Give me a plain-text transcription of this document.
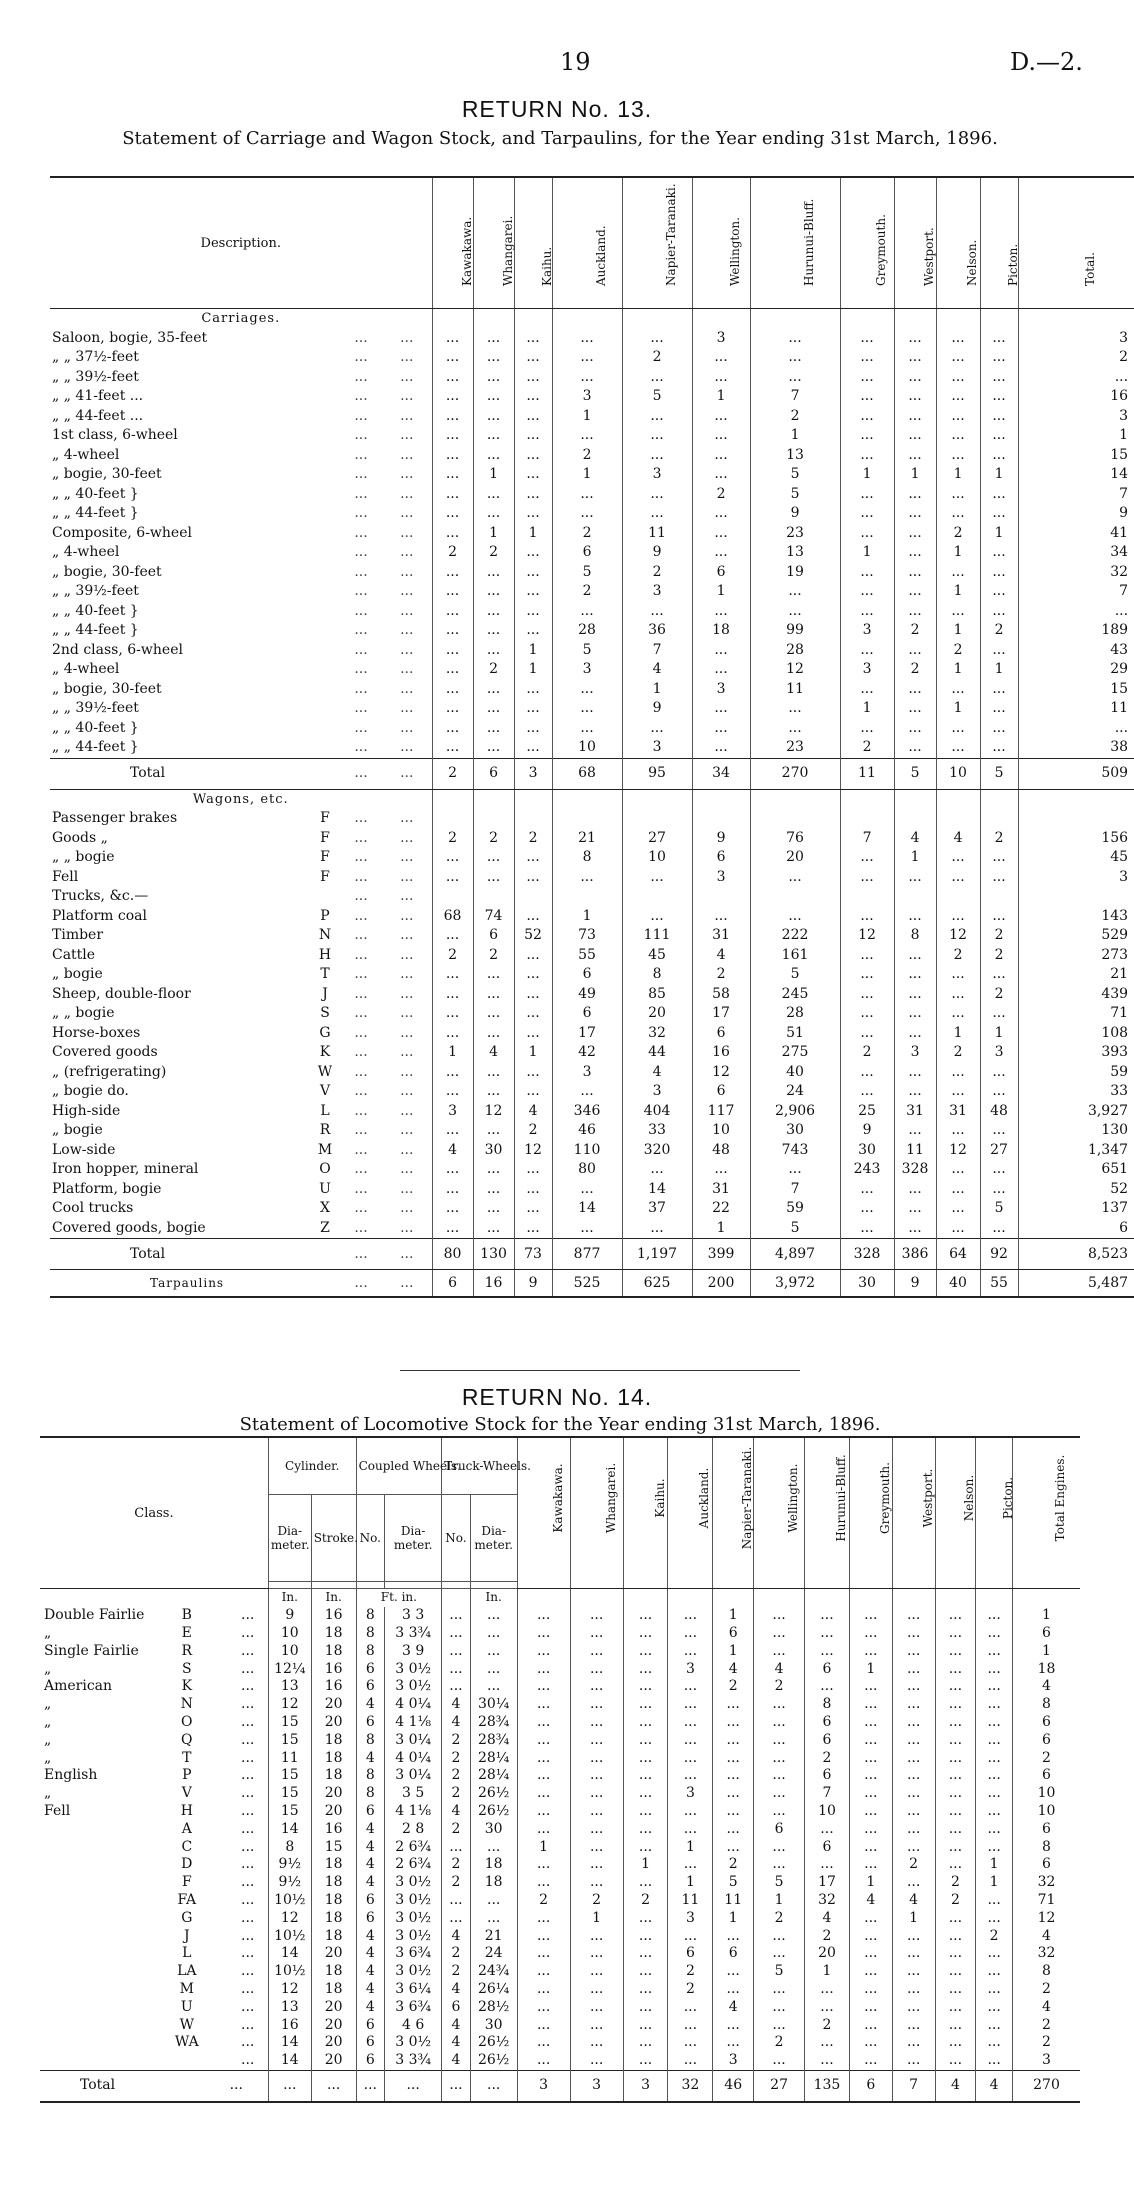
19	D.—2.
RETURN No. 13.
Statement of Carriage and Wagon Stock, and Tarpaulins, for the Year ending 31st March, 1896.
Description.				Kawakawa.	Whangarei.	Kaihu.	Auckland.	Napier-Taranaki.	Wellington.	Hurunui-Bluff.	Greymouth.	Westport.	Nelson.	Picton.	Total.

Carriages.															
Saloon, bogie, 35-feet		...	...	...	...	...	...	...	3	...	...	...	...	...	3
„ „ 37½-feet		...	...	...	...	...	...	2	...	...	...	...	...	...	2
„ „ 39½-feet		...	...	...	...	...	...	...	...	...	...	...	...	...	...
„ „ 41-feet ...		...	...	...	...	...	3	5	1	7	...	...	...	...	16
„ „ 44-feet ...		...	...	...	...	...	1	...	...	2	...	...	...	...	3
1st class, 6-wheel		...	...	...	...	...	...	...	...	1	...	...	...	...	1
„ 4-wheel		...	...	...	...	...	2	...	...	13	...	...	...	...	15
„ bogie, 30-feet		...	...	...	1	...	1	3	...	5	1	1	1	1	14
„ „ 40-feet }		...	...	...	...	...	...	...	2	5	...	...	...	...	7
„ „ 44-feet }		...	...	...	...	...	...	...	...	9	...	...	...	...	9
Composite, 6-wheel		...	...	...	1	1	2	11	...	23	...	...	2	1	41
„ 4-wheel		...	...	2	2	...	6	9	...	13	1	...	1	...	34
„ bogie, 30-feet		...	...	...	...	...	5	2	6	19	...	...	...	...	32
„ „ 39½-feet		...	...	...	...	...	2	3	1	...	...	...	1	...	7
„ „ 40-feet }		...	...	...	...	...	...	...	...	...	...	...	...	...	...
„ „ 44-feet }		...	...	...	...	...	28	36	18	99	3	2	1	2	189
2nd class, 6-wheel		...	...	...	...	1	5	7	...	28	...	...	2	...	43
„ 4-wheel		...	...	...	2	1	3	4	...	12	3	2	1	1	29
„ bogie, 30-feet		...	...	...	...	...	...	1	3	11	...	...	...	...	15
„ „ 39½-feet		...	...	...	...	...	...	9	...	...	1	...	1	...	11
„ „ 40-feet }		...	...	...	...	...	...	...	...	...	...	...	...	...	...
„ „ 44-feet }		...	...	...	...	...	10	3	...	23	2	...	...	...	38
Total		...	...	2	6	3	68	95	34	270	11	5	10	5	509
Wagons, etc.															
Passenger brakes	F	...	...												
Goods „	F	...	...	2	2	2	21	27	9	76	7	4	4	2	156
„ „ bogie	F	...	...	...	...	...	8	10	6	20	...	1	...	...	45
Fell	F	...	...	...	...	...	...	...	3	...	...	...	...	...	3
Trucks, &c.—		...	...												
Platform coal	P	...	...	68	74	...	1	...	...	...	...	...	...	...	143
Timber	N	...	...	...	6	52	73	111	31	222	12	8	12	2	529
Cattle	H	...	...	2	2	...	55	45	4	161	...	...	2	2	273
„ bogie	T	...	...	...	...	...	6	8	2	5	...	...	...	...	21
Sheep, double-floor	J	...	...	...	...	...	49	85	58	245	...	...	...	2	439
„ „ bogie	S	...	...	...	...	...	6	20	17	28	...	...	...	...	71
Horse-boxes	G	...	...	...	...	...	17	32	6	51	...	...	1	1	108
Covered goods	K	...	...	1	4	1	42	44	16	275	2	3	2	3	393
„ (refrigerating)	W	...	...	...	...	...	3	4	12	40	...	...	...	...	59
„ bogie do.	V	...	...	...	...	...	...	3	6	24	...	...	...	...	33
High-side	L	...	...	3	12	4	346	404	117	2,906	25	31	31	48	3,927
„ bogie	R	...	...	...	...	2	46	33	10	30	9	...	...	...	130
Low-side	M	...	...	4	30	12	110	320	48	743	30	11	12	27	1,347
Iron hopper, mineral	O	...	...	...	...	...	80	...	...	...	243	328	...	...	651
Platform, bogie	U	...	...	...	...	...	...	14	31	7	...	...	...	...	52
Cool trucks	X	...	...	...	...	...	14	37	22	59	...	...	...	5	137
Covered goods, bogie	Z	...	...	...	...	...	...	...	1	5	...	...	...	...	6
Total		...	...	80	130	73	877	1,197	399	4,897	328	386	64	92	8,523
Tarpaulins		...	...	6	16	9	525	625	200	3,972	30	9	40	55	5,487
RETURN No. 14.
Statement of Locomotive Stock for the Year ending 31st March, 1896.
Class.				Cylinder.		Coupled Wheels.		Truck-Wheels.		Kawakawa.	Whangarei.	Kaihu.	Auckland.	Napier-Taranaki.	Wellington.	Hurunui-Bluff.	Greymouth.	Westport.	Nelson.	Picton.	Total Engines.

				Dia-meter.	Stroke.	No.	Dia-meter.	No.	Dia-meter.												

				In.	In.	Ft. in.			In.												
Double Fairlie	B		...	9	16	8	3 3	...	...	...	...	...	...	1	...	...	...	...	...	...	1
„	E		...	10	18	8	3 3¾	...	...	...	...	...	...	6	...	...	...	...	...	...	6
Single Fairlie	R		...	10	18	8	3 9	...	...	...	...	...	...	1	...	...	...	...	...	...	1
„	S		...	12¼	16	6	3 0½	...	...	...	...	...	3	4	4	6	1	...	...	...	18
American	K		...	13	16	6	3 0½	...	...	...	...	...	...	2	2	...	...	...	...	...	4
„	N		...	12	20	4	4 0¼	4	30¼	...	...	...	...	...	...	8	...	...	...	...	8
„	O		...	15	20	6	4 1⅛	4	28¾	...	...	...	...	...	...	6	...	...	...	...	6
„	Q		...	15	18	8	3 0¼	2	28¾	...	...	...	...	...	...	6	...	...	...	...	6
„	T		...	11	18	4	4 0¼	2	28¼	...	...	...	...	...	...	2	...	...	...	...	2
English	P		...	15	18	8	3 0¼	2	28¼	...	...	...	...	...	...	6	...	...	...	...	6
„	V		...	15	20	8	3 5	2	26½	...	...	...	3	...	...	7	...	...	...	...	10
Fell	H		...	15	20	6	4 1⅛	4	26½	...	...	...	...	...	...	10	...	...	...	...	10
	A		...	14	16	4	2 8	2	30	...	...	...	...	...	6	...	...	...	...	...	6
	C		...	8	15	4	2 6¾	...	...	1	...	...	1	...	...	6	...	...	...	...	8
	D		...	9½	18	4	2 6¾	2	18	...	...	1	...	2	...	...	...	2	...	1	6
	F		...	9½	18	4	3 0½	2	18	...	...	...	1	5	5	17	1	...	2	1	32
	FA		...	10½	18	6	3 0½	...	...	2	2	2	11	11	1	32	4	4	2	...	71
	G		...	12	18	6	3 0½	...	...	...	1	...	3	1	2	4	...	1	...	...	12
	J		...	10½	18	4	3 0½	4	21	...	...	...	...	...	...	2	...	...	...	2	4
	L		...	14	20	4	3 6¾	2	24	...	...	...	6	6	...	20	...	...	...	...	32
	LA		...	10½	18	4	3 0½	2	24¾	...	...	...	2	...	5	1	...	...	...	...	8
	M		...	12	18	4	3 6¼	4	26¼	...	...	...	2	...	...	...	...	...	...	...	2
	U		...	13	20	4	3 6¾	6	28½	...	...	...	...	4	...	...	...	...	...	...	4
	W		...	16	20	6	4 6	4	30	...	...	...	...	...	...	2	...	...	...	...	2
	WA		...	14	20	6	3 0½	4	26½	...	...	...	...	...	2	...	...	...	...	...	2
			...	14	20	6	3 3¾	4	26½	...	...	...	...	3	...	...	...	...	...	...	3
Total			...	...	...	...	...	...	...	3	3	3	32	46	27	135	6	7	4	4	270
